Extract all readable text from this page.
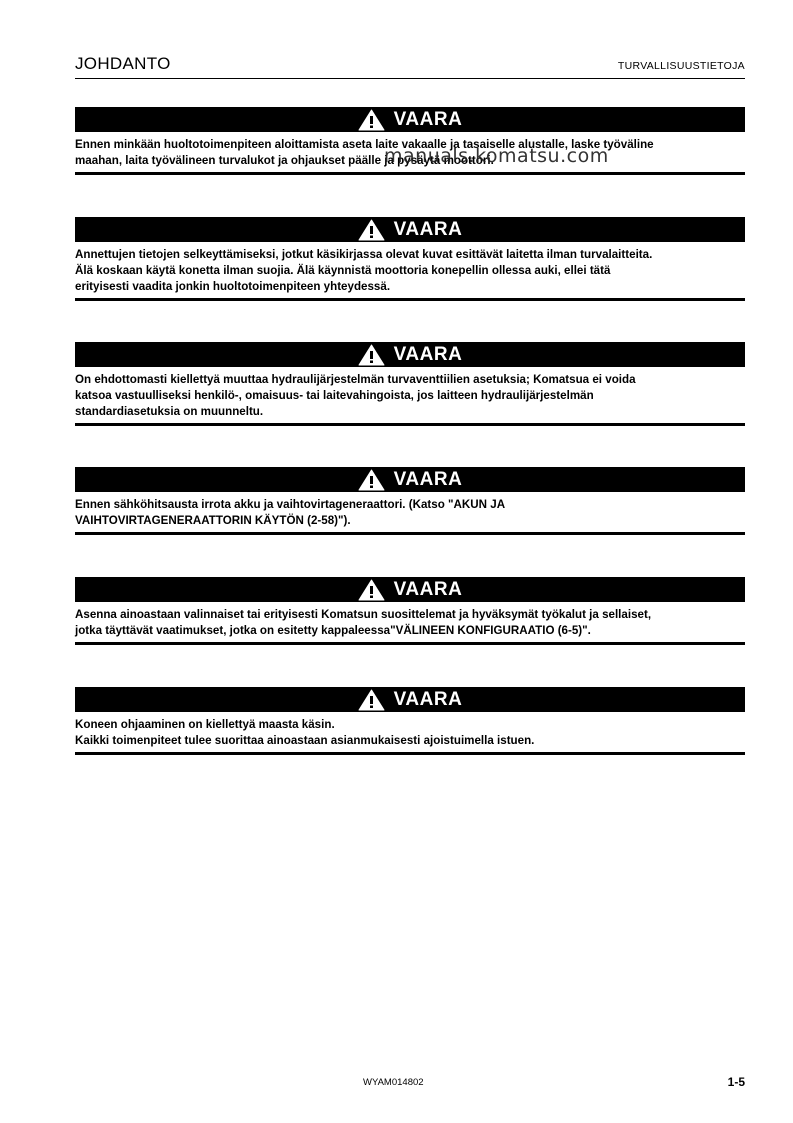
JOHDANTO	TURVALLISUUSTIETOJA
VAARA
Ennen minkään huoltotoimenpiteen aloittamista aseta laite vakaalle ja tasaiselle alustalle, laske työväline
maahan, laita työvälineen turvalukot ja ohjaukset päälle ja pysäytä moottori.
VAARA
Annettujen tietojen selkeyttämiseksi, jotkut käsikirjassa olevat kuvat esittävät laitetta ilman turvalaitteita.
Älä koskaan käytä konetta ilman suojia. Älä käynnistä moottoria konepellin ollessa auki, ellei tätä
erityisesti vaadita jonkin huoltotoimenpiteen yhteydessä.
VAARA
On ehdottomasti kiellettyä muuttaa hydraulijärjestelmän turvaventtiilien asetuksia; Komatsua ei voida
katsoa vastuulliseksi henkilö-, omaisuus- tai laitevahingoista, jos laitteen hydraulijärjestelmän
standardiasetuksia on muunneltu.
VAARA
Ennen sähköhitsausta irrota akku ja vaihtovirtageneraattori. (Katso "AKUN JA
VAIHTOVIRTAGENERAATTORIN KÄYTÖN (2-58)").
VAARA
Asenna ainoastaan valinnaiset tai erityisesti Komatsun suosittelemat ja hyväksymät työkalut ja sellaiset,
jotka täyttävät vaatimukset, jotka on esitetty kappaleessa"VÄLINEEN KONFIGURAATIO (6-5)".
VAARA
Koneen ohjaaminen on kiellettyä maasta käsin.
Kaikki toimenpiteet tulee suorittaa ainoastaan asianmukaisesti ajoistuimella istuen.
manuals.komatsu.com
WYAM014802	1-5
